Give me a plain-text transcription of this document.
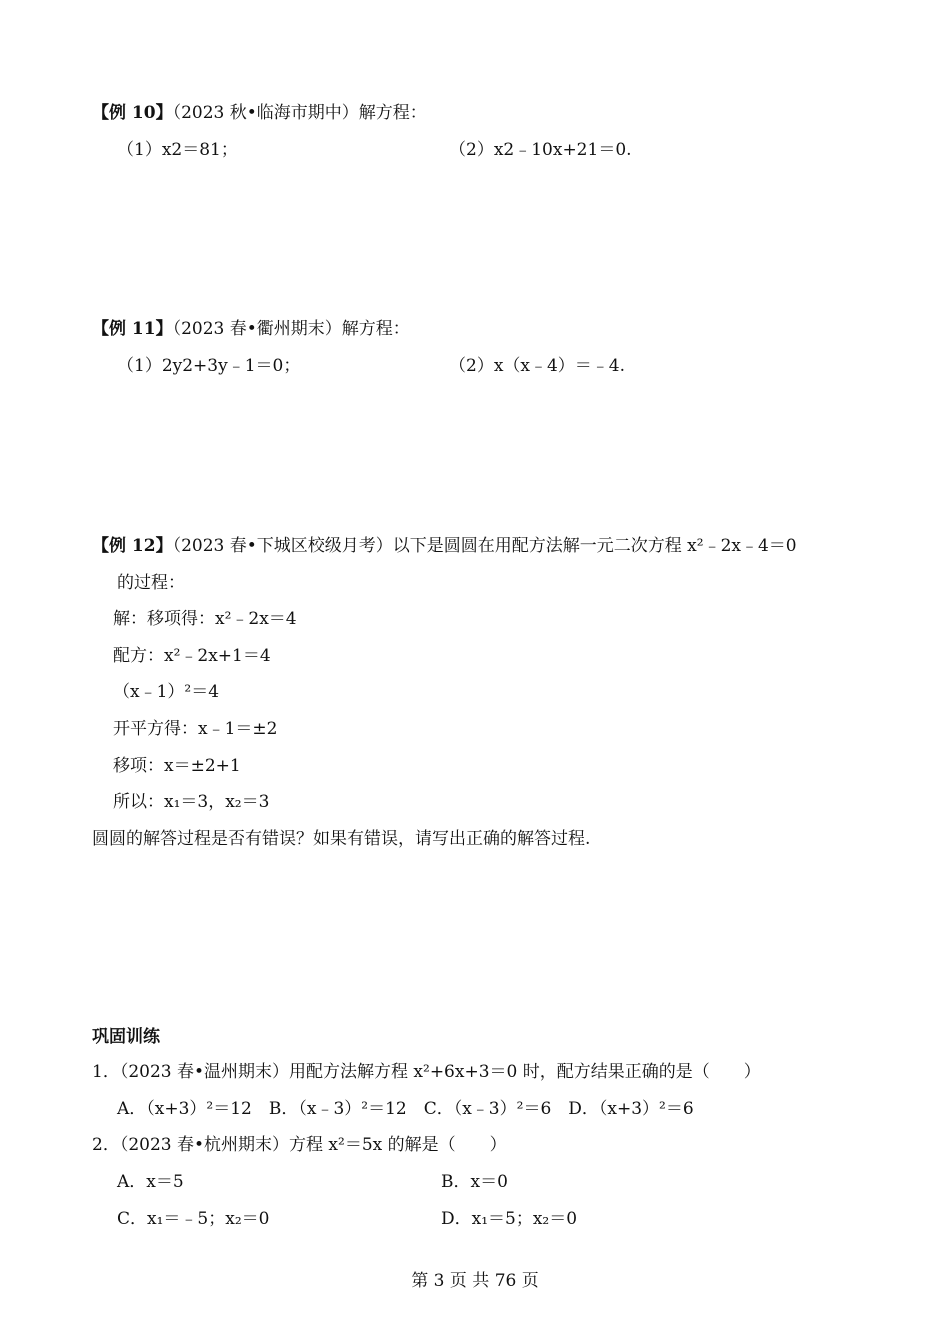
【例 10】（2023 秋•临海市期中）解方程：
（1）x2＝81；	（2）x2﹣10x+21＝0.
【例 11】（2023 春•衢州期末）解方程：
（1）2y2+3y﹣1＝0；	（2）x（x﹣4）＝﹣4.
【例 12】（2023 春•下城区校级月考）以下是圆圆在用配方法解一元二次方程 x²﹣2x﹣4＝0
的过程：
解：移项得：x²﹣2x＝4
配方：x²﹣2x+1＝4
（x﹣1）²＝4
开平方得：x﹣1＝±2
移项：x＝±2+1
所以：x₁＝3，x₂＝3
圆圆的解答过程是否有错误？如果有错误，请写出正确的解答过程.
巩固训练
1．（2023 春•温州期末）用配方法解方程 x²+6x+3＝0 时，配方结果正确的是（　　）
A．（x+3）²＝12　B．（x﹣3）²＝12　C．（x﹣3）²＝6　D．（x+3）²＝6
2．（2023 春•杭州期末）方程 x²＝5x 的解是（　　）
A．x＝5	B．x＝0
C．x₁＝﹣5；x₂＝0	D．x₁＝5；x₂＝0
第 3 页 共 76 页
